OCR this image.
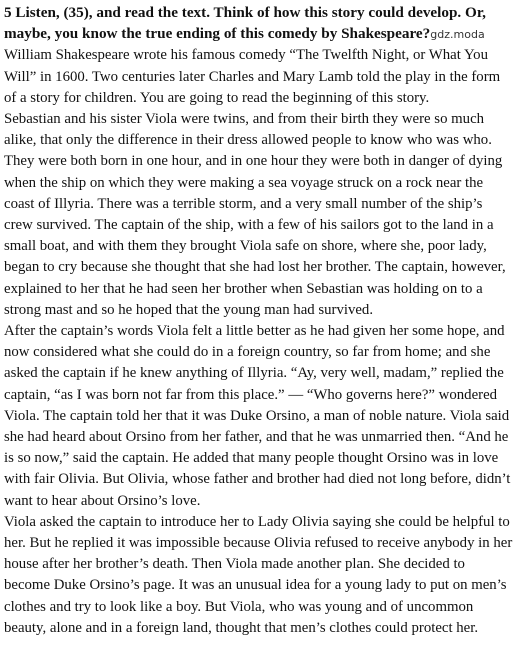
5 Listen, (35), and read the text. Think of how this story could develop. Or, maybe, you know the true ending of this comedy by Shakespeare?gdz.moda

William Shakespeare wrote his famous comedy “The Twelfth Night, or What You Will” in 1600. Two centuries later Charles and Mary Lamb told the play in the form of a story for children. You are going to read the beginning of this story.

Sebastian and his sister Viola were twins, and from their birth they were so much alike, that only the difference in their dress allowed people to know who was who. They were both born in one hour, and in one hour they were both in danger of dying when the ship on which they were making a sea voyage struck on a rock near the coast of Illyria. There was a terrible storm, and a very small number of the ship’s crew survived. The captain of the ship, with a few of his sailors got to the land in a small boat, and with them they brought Viola safe on shore, where she, poor lady, began to cry because she thought that she had lost her brother. The captain, however, explained to her that he had seen her brother when Sebastian was holding on to a strong mast and so he hoped that the young man had survived.

After the captain’s words Viola felt a little better as he had given her some hope, and now considered what she could do in a foreign country, so far from home; and she asked the captain if he knew anything of Illyria. “Ay, very well, madam,” replied the captain, “as I was born not far from this place.” — “Who governs here?” wondered Viola. The captain told her that it was Duke Orsino, a man of noble nature. Viola said she had heard about Orsino from her father, and that he was unmarried then. “And he is so now,” said the captain. He added that many people thought Orsino was in love with fair Olivia. But Olivia, whose father and brother had died not long before, didn’t want to hear about Orsino’s love.

Viola asked the captain to introduce her to Lady Olivia saying she could be helpful to her. But he replied it was impossible because Olivia refused to receive anybody in her house after her brother’s death. Then Viola made another plan. She decided to become Duke Orsino’s page. It was an unusual idea for a young lady to put on men’s clothes and try to look like a boy. But Viola, who was young and of uncommon beauty, alone and in a foreign land, thought that men’s clothes could protect her.
